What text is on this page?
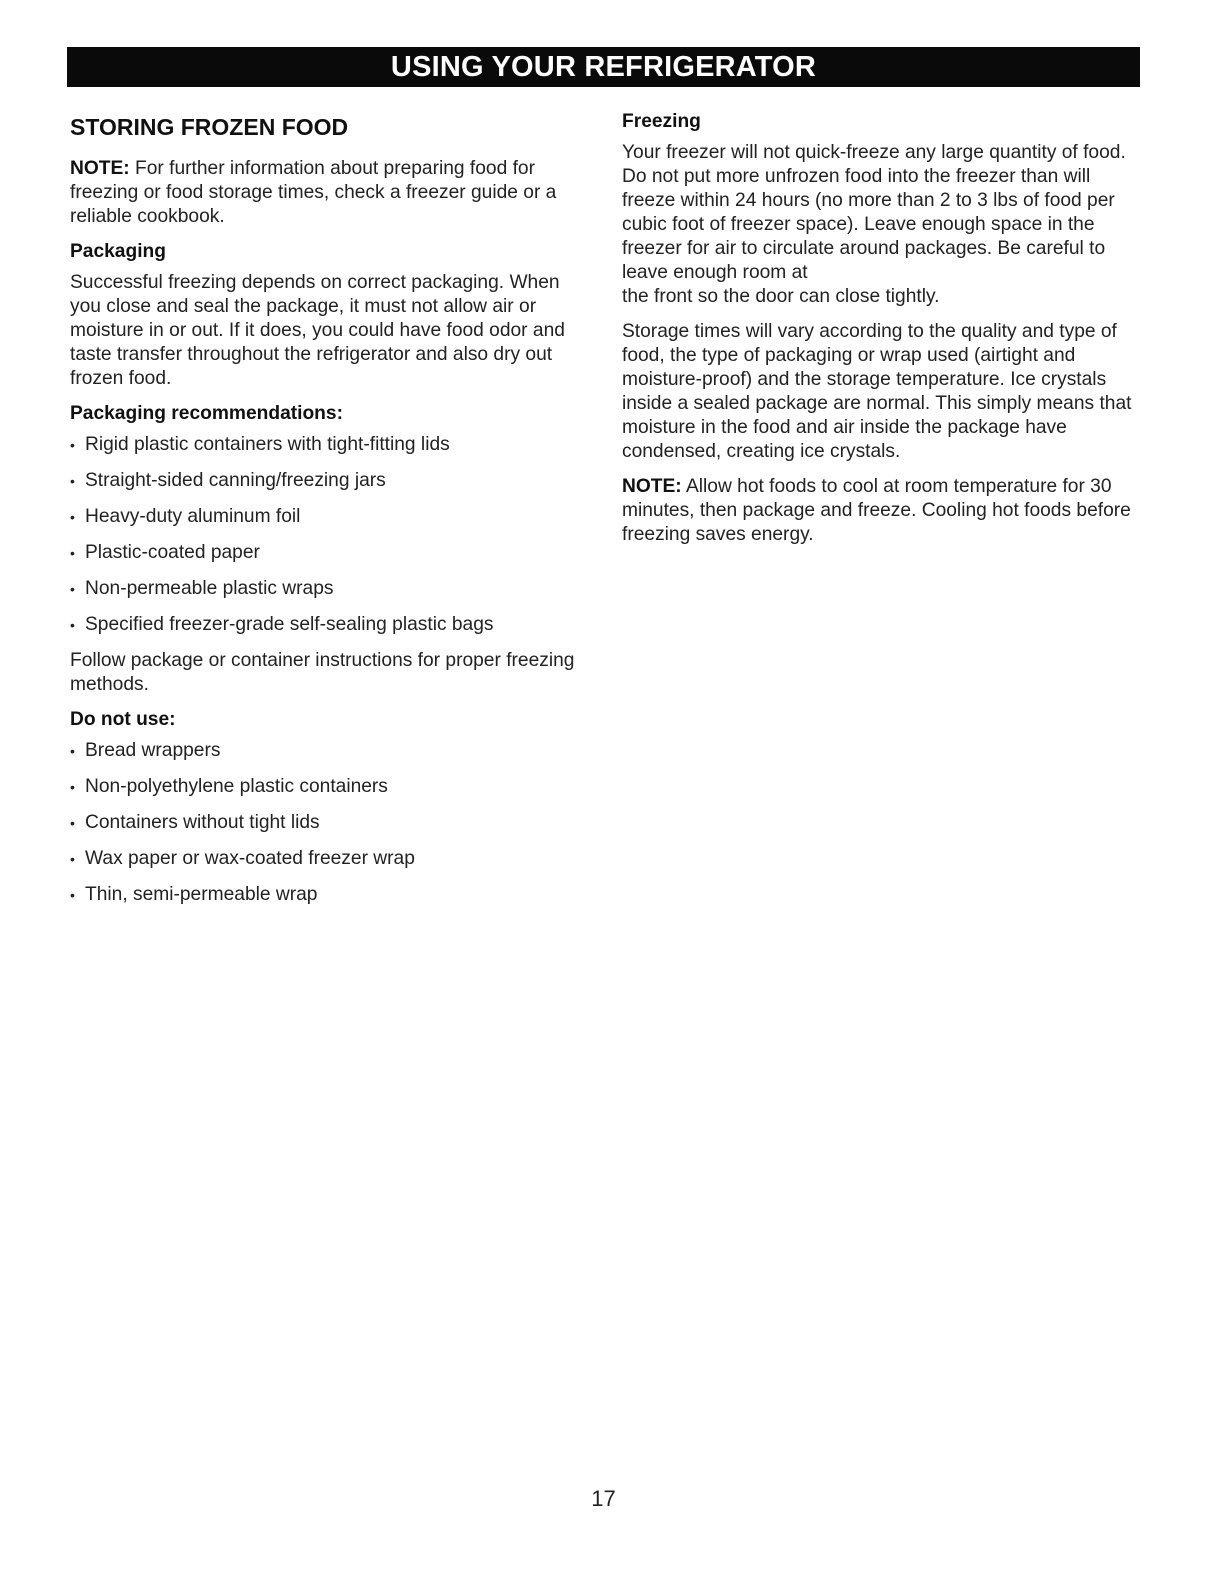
USING YOUR REFRIGERATOR
STORING FROZEN FOOD

NOTE: For further information about preparing food for freezing or food storage times, check a freezer guide or a reliable cookbook.

Packaging

Successful freezing depends on correct packaging. When you close and seal the package, it must not allow air or moisture in or out. If it does, you could have food odor and taste transfer throughout the refrigerator and also dry out frozen food.

Packaging recommendations:
• Rigid plastic containers with tight-fitting lids
• Straight-sided canning/freezing jars
• Heavy-duty aluminum foil
• Plastic-coated paper
• Non-permeable plastic wraps
• Specified freezer-grade self-sealing plastic bags

Follow package or container instructions for proper freezing methods.

Do not use:
• Bread wrappers
• Non-polyethylene plastic containers
• Containers without tight lids
• Wax paper or wax-coated freezer wrap
• Thin, semi-permeable wrap
Freezing

Your freezer will not quick-freeze any large quantity of food. Do not put more unfrozen food into the freezer than will freeze within 24 hours (no more than 2 to 3 lbs of food per cubic foot of freezer space). Leave enough space in the freezer for air to circulate around packages. Be careful to leave enough room at

the front so the door can close tightly.

Storage times will vary according to the quality and type of food, the type of packaging or wrap used (airtight and moisture-proof) and the storage temperature. Ice crystals inside a sealed package are normal. This simply means that moisture in the food and air inside the package have condensed, creating ice crystals.

NOTE: Allow hot foods to cool at room temperature for 30 minutes, then package and freeze. Cooling hot foods before freezing saves energy.

17
